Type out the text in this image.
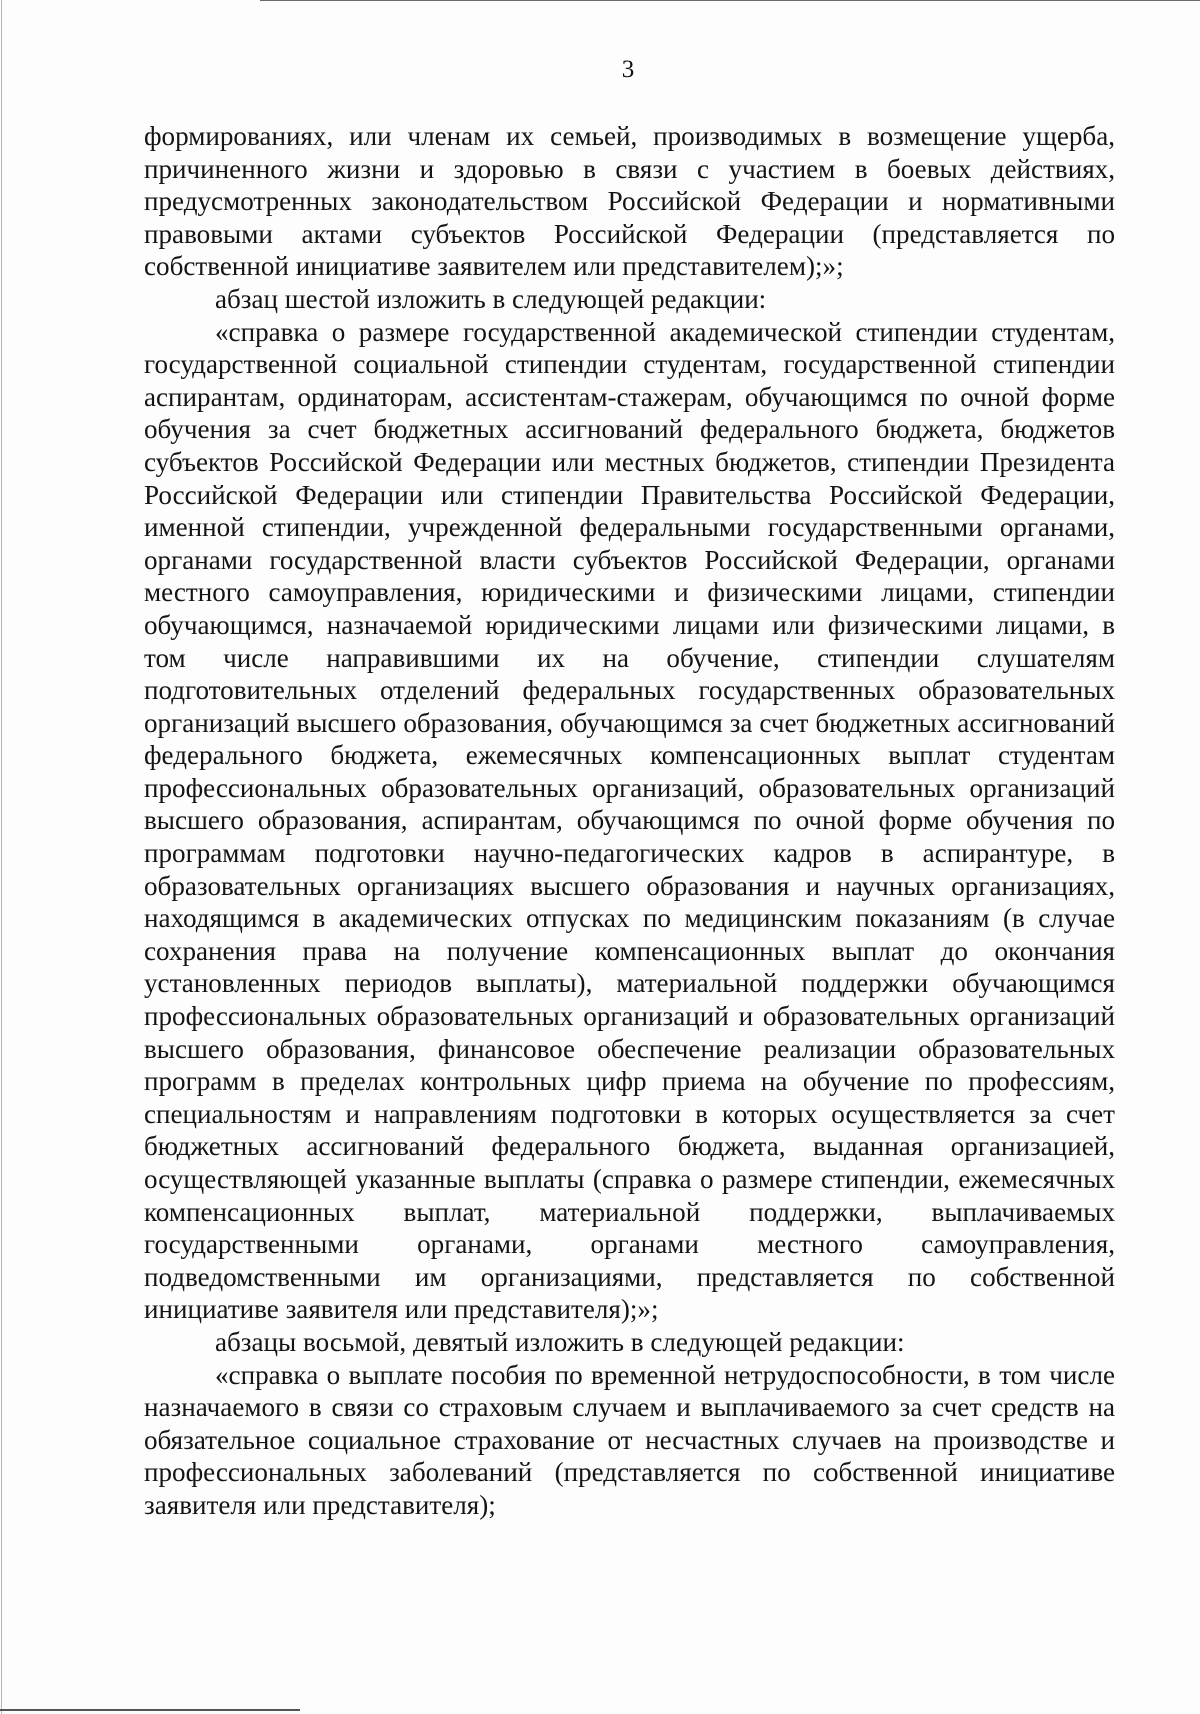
3

формированиях, или членам их семьей, производимых в возмещение ущерба, причиненного жизни и здоровью в связи с участием в боевых действиях, предусмотренных законодательством Российской Федерации и нормативными правовыми актами субъектов Российской Федерации (представляется по собственной инициативе заявителем или представителем);»;

абзац шестой изложить в следующей редакции:

«справка о размере государственной академической стипендии студентам, государственной социальной стипендии студентам, государственной стипендии аспирантам, ординаторам, ассистентам-стажерам, обучающимся по очной форме обучения за счет бюджетных ассигнований федерального бюджета, бюджетов субъектов Российской Федерации или местных бюджетов, стипендии Президента Российской Федерации или стипендии Правительства Российской Федерации, именной стипендии, учрежденной федеральными государственными органами, органами государственной власти субъектов Российской Федерации, органами местного самоуправления, юридическими и физическими лицами, стипендии обучающимся, назначаемой юридическими лицами или физическими лицами, в том числе направившими их на обучение, стипендии слушателям подготовительных отделений федеральных государственных образовательных организаций высшего образования, обучающимся за счет бюджетных ассигнований федерального бюджета, ежемесячных компенсационных выплат студентам профессиональных образовательных организаций, образовательных организаций высшего образования, аспирантам, обучающимся по очной форме обучения по программам подготовки научно-педагогических кадров в аспирантуре, в образовательных организациях высшего образования и научных организациях, находящимся в академических отпусках по медицинским показаниям (в случае сохранения права на получение компенсационных выплат до окончания установленных периодов выплаты), материальной поддержки обучающимся профессиональных образовательных организаций и образовательных организаций высшего образования, финансовое обеспечение реализации образовательных программ в пределах контрольных цифр приема на обучение по профессиям, специальностям и направлениям подготовки в которых осуществляется за счет бюджетных ассигнований федерального бюджета, выданная организацией, осуществляющей указанные выплаты (справка о размере стипендии, ежемесячных компенсационных выплат, материальной поддержки, выплачиваемых государственными органами, органами местного самоуправления, подведомственными им организациями, представляется по собственной инициативе заявителя или представителя);»;

абзацы восьмой, девятый изложить в следующей редакции:

«справка о выплате пособия по временной нетрудоспособности, в том числе назначаемого в связи со страховым случаем и выплачиваемого за счет средств на обязательное социальное страхование от несчастных случаев на производстве и профессиональных заболеваний (представляется по собственной инициативе заявителя или представителя);
